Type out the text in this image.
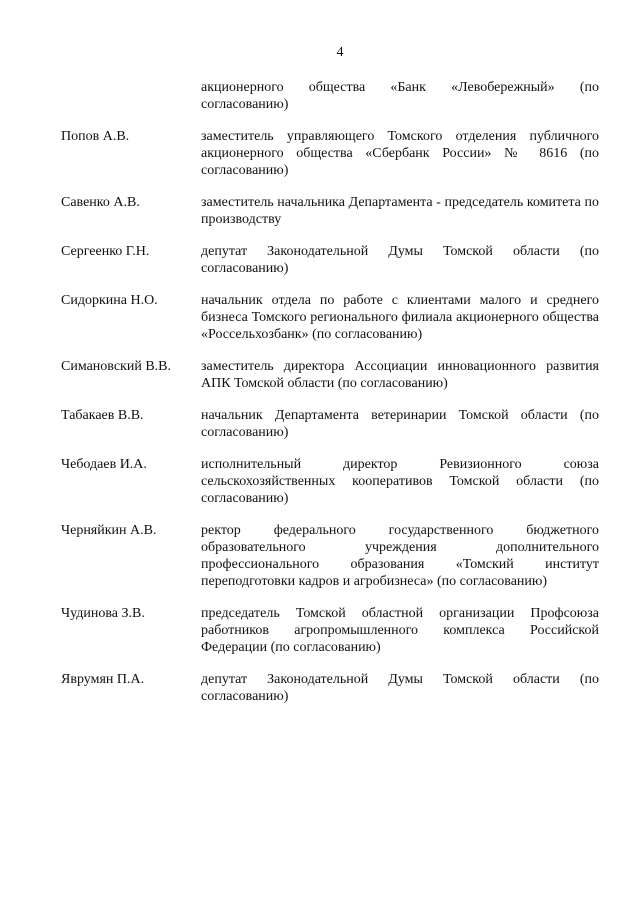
4
акционерного общества «Банк «Левобережный» (по согласованию)
Попов А.В.	заместитель управляющего Томского отделения публичного акционерного общества «Сбербанк России» № 8616 (по согласованию)
Савенко А.В.	заместитель начальника Департамента - председатель комитета по производству
Сергеенко Г.Н.	депутат Законодательной Думы Томской области (по согласованию)
Сидоркина Н.О.	начальник отдела по работе с клиентами малого и среднего бизнеса Томского регионального филиала акционерного общества «Россельхозбанк» (по согласованию)
Симановский В.В.	заместитель директора Ассоциации инновационного развития АПК Томской области (по согласованию)
Табакаев В.В.	начальник Департамента ветеринарии Томской области (по согласованию)
Чебодаев И.А.	исполнительный директор Ревизионного союза сельскохозяйственных кооперативов Томской области (по согласованию)
Черняйкин А.В.	ректор федерального государственного бюджетного образовательного учреждения дополнительного профессионального образования «Томский институт переподготовки кадров и агробизнеса» (по согласованию)
Чудинова З.В.	председатель Томской областной организации Профсоюза работников агропромышленного комплекса Российской Федерации (по согласованию)
Яврумян П.А.	депутат Законодательной Думы Томской области (по согласованию)
